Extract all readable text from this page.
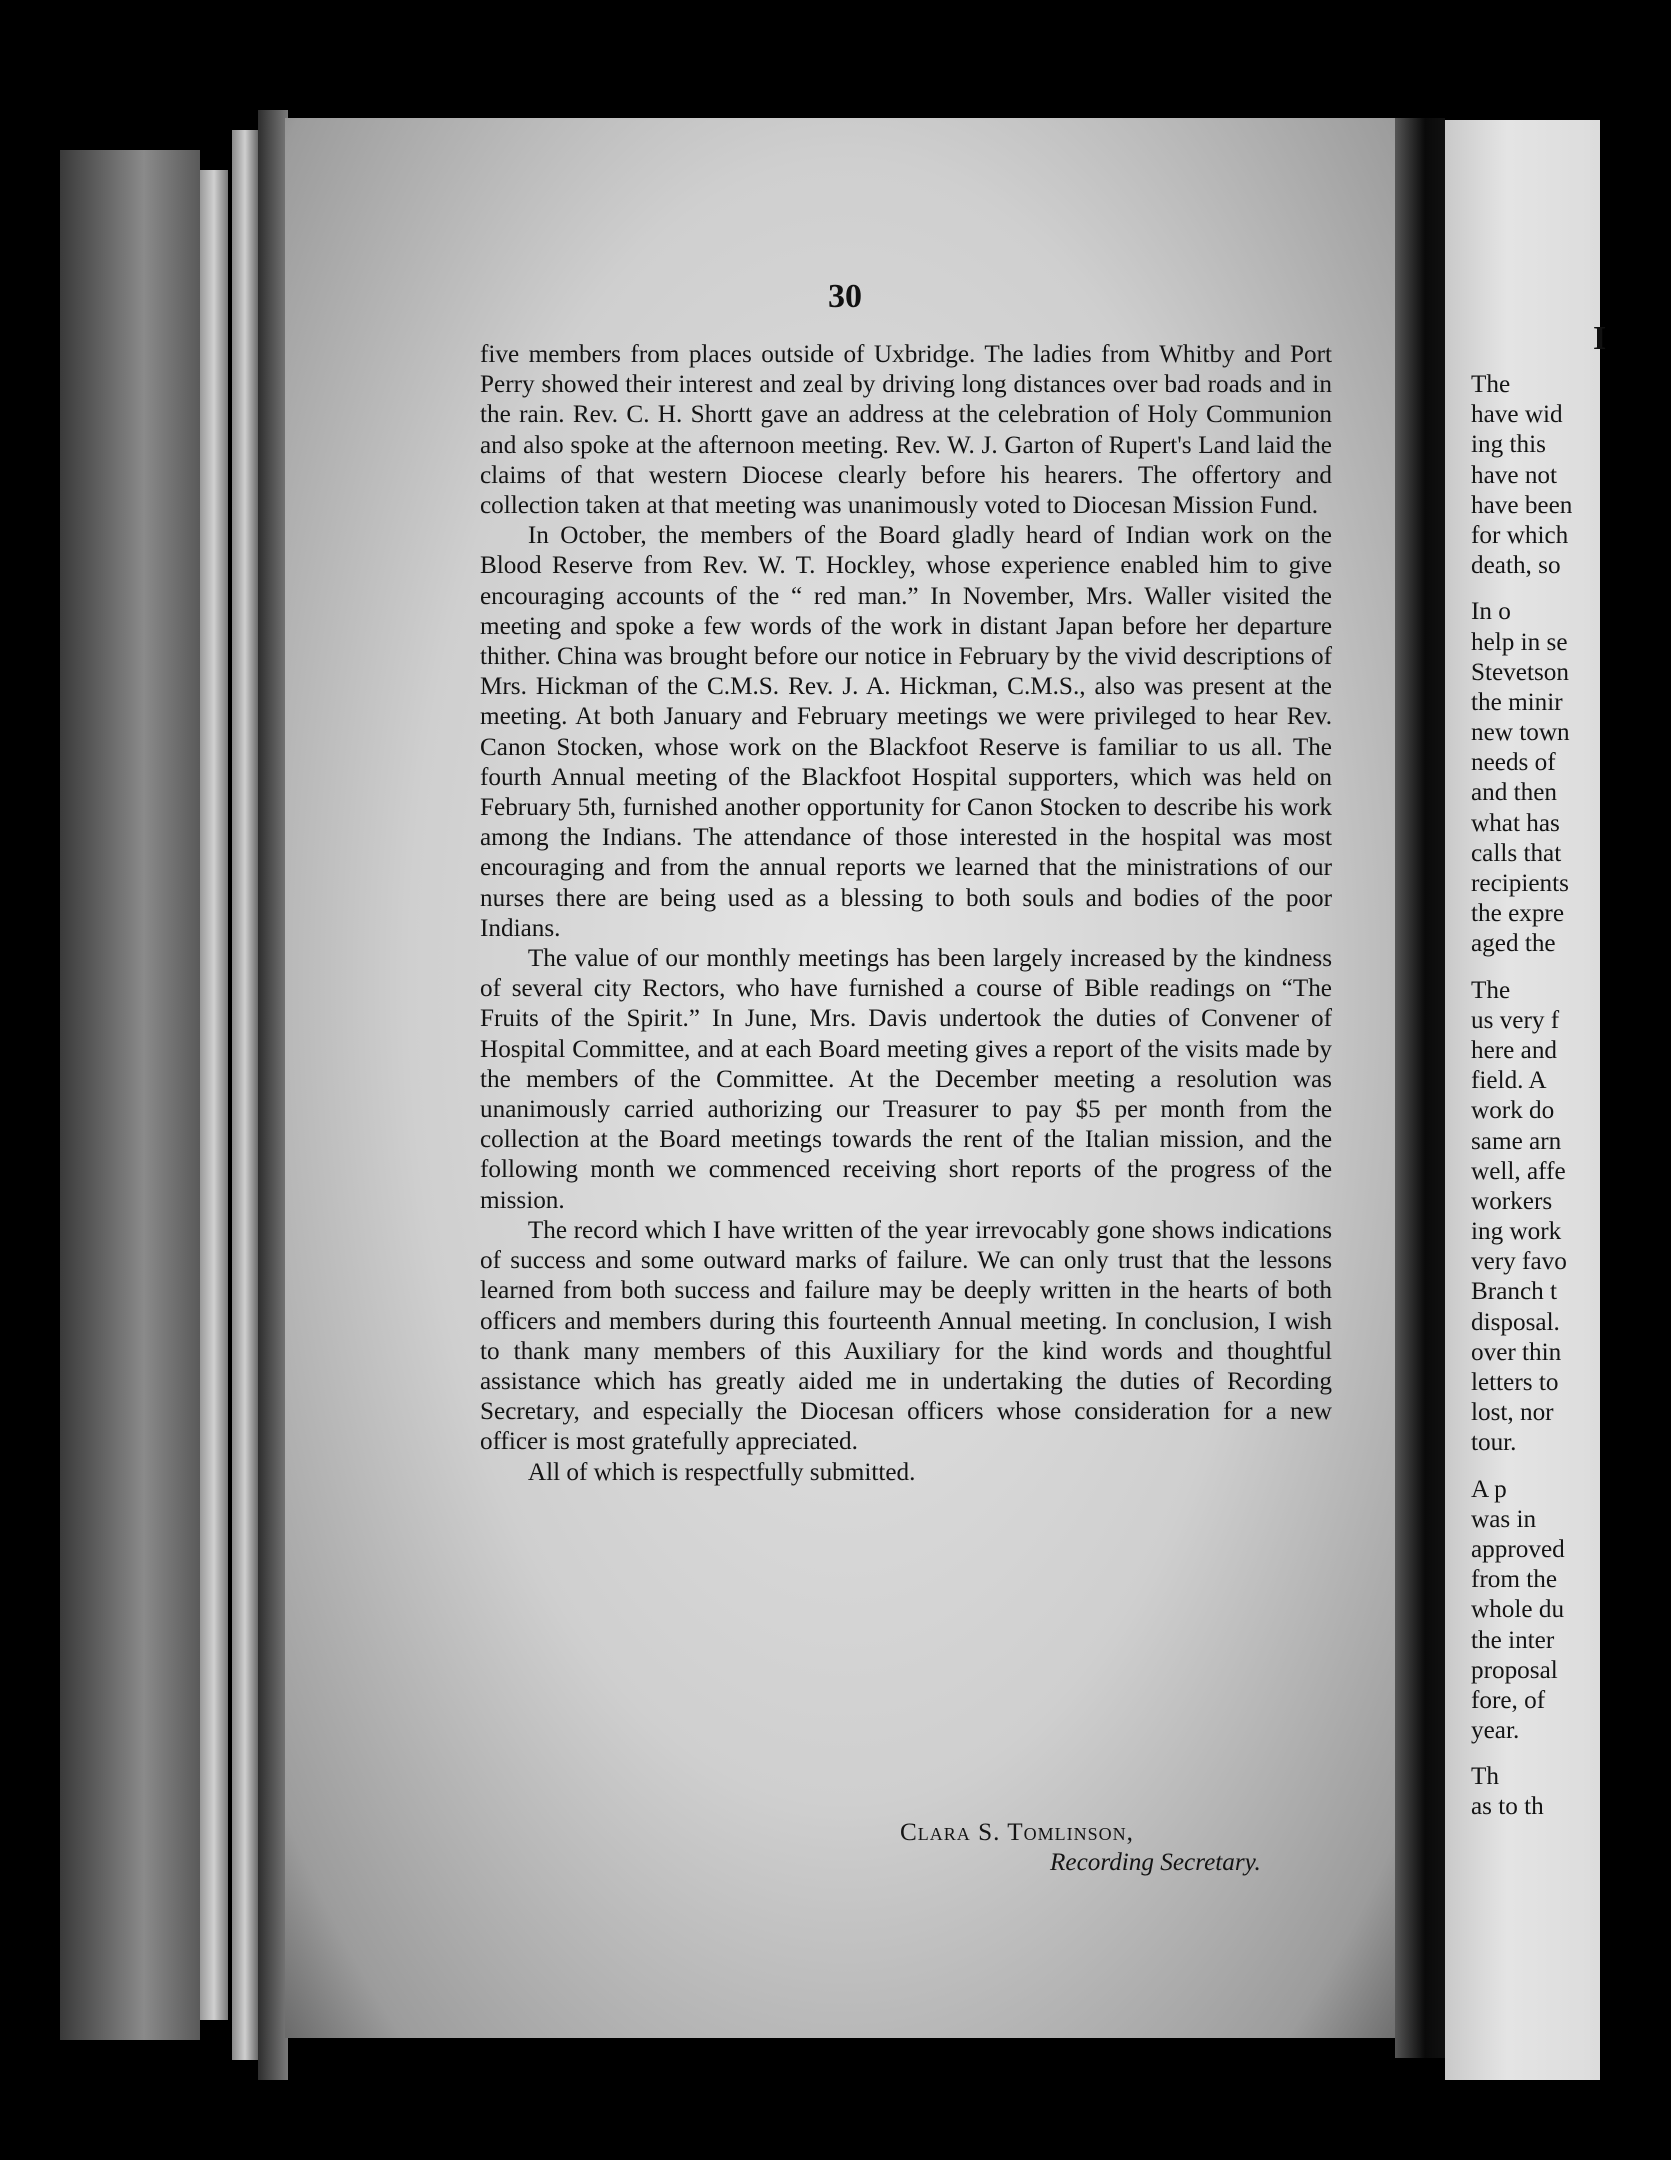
30

five members from places outside of Uxbridge. The ladies from Whitby and Port Perry showed their interest and zeal by driving long distances over bad roads and in the rain. Rev. C. H. Shortt gave an address at the celebration of Holy Communion and also spoke at the afternoon meeting. Rev. W. J. Garton of Rupert's Land laid the claims of that western Diocese clearly before his hearers. The offertory and collection taken at that meeting was unanimously voted to Diocesan Mission Fund.

In October, the members of the Board gladly heard of Indian work on the Blood Reserve from Rev. W. T. Hockley, whose experience enabled him to give encouraging accounts of the “ red man.” In November, Mrs. Waller visited the meeting and spoke a few words of the work in distant Japan before her departure thither. China was brought before our notice in February by the vivid descriptions of Mrs. Hickman of the C.M.S. Rev. J. A. Hickman, C.M.S., also was present at the meeting. At both January and February meetings we were privileged to hear Rev. Canon Stocken, whose work on the Blackfoot Reserve is familiar to us all. The fourth Annual meeting of the Blackfoot Hospital supporters, which was held on February 5th, furnished another opportunity for Canon Stocken to describe his work among the Indians. The attendance of those interested in the hospital was most encouraging and from the annual reports we learned that the ministrations of our nurses there are being used as a blessing to both souls and bodies of the poor Indians.

The value of our monthly meetings has been largely increased by the kindness of several city Rectors, who have furnished a course of Bible readings on “The Fruits of the Spirit.” In June, Mrs. Davis undertook the duties of Convener of Hospital Committee, and at each Board meeting gives a report of the visits made by the members of the Committee. At the December meeting a resolution was unanimously carried authorizing our Treasurer to pay $5 per month from the collection at the Board meetings towards the rent of the Italian mission, and the following month we commenced receiving short reports of the progress of the mission.

The record which I have written of the year irrevocably gone shows indications of success and some outward marks of failure. We can only trust that the lessons learned from both success and failure may be deeply written in the hearts of both officers and members during this fourteenth Annual meeting. In conclusion, I wish to thank many members of this Auxiliary for the kind words and thoughtful assistance which has greatly aided me in undertaking the duties of Recording Secretary, and especially the Diocesan officers whose consideration for a new officer is most gratefully appreciated.

All of which is respectfully submitted.

Clara S. Tomlinson,
Recording Secretary.
I
The
have wid
ing this
have not
have been
for which
death, so
In o
help in se
Stevetson
the minir
new town
needs of
and then
what has
calls that
recipients
the expre
aged the
The
us very f
here and
field. A
work do
same arn
well, affe
workers
ing work
very favo
Branch t
disposal.
over thin
letters to
lost, nor
tour.
A p
was in
approved
from the
whole du
the inter
proposal
fore, of
year.
Th
as to th
